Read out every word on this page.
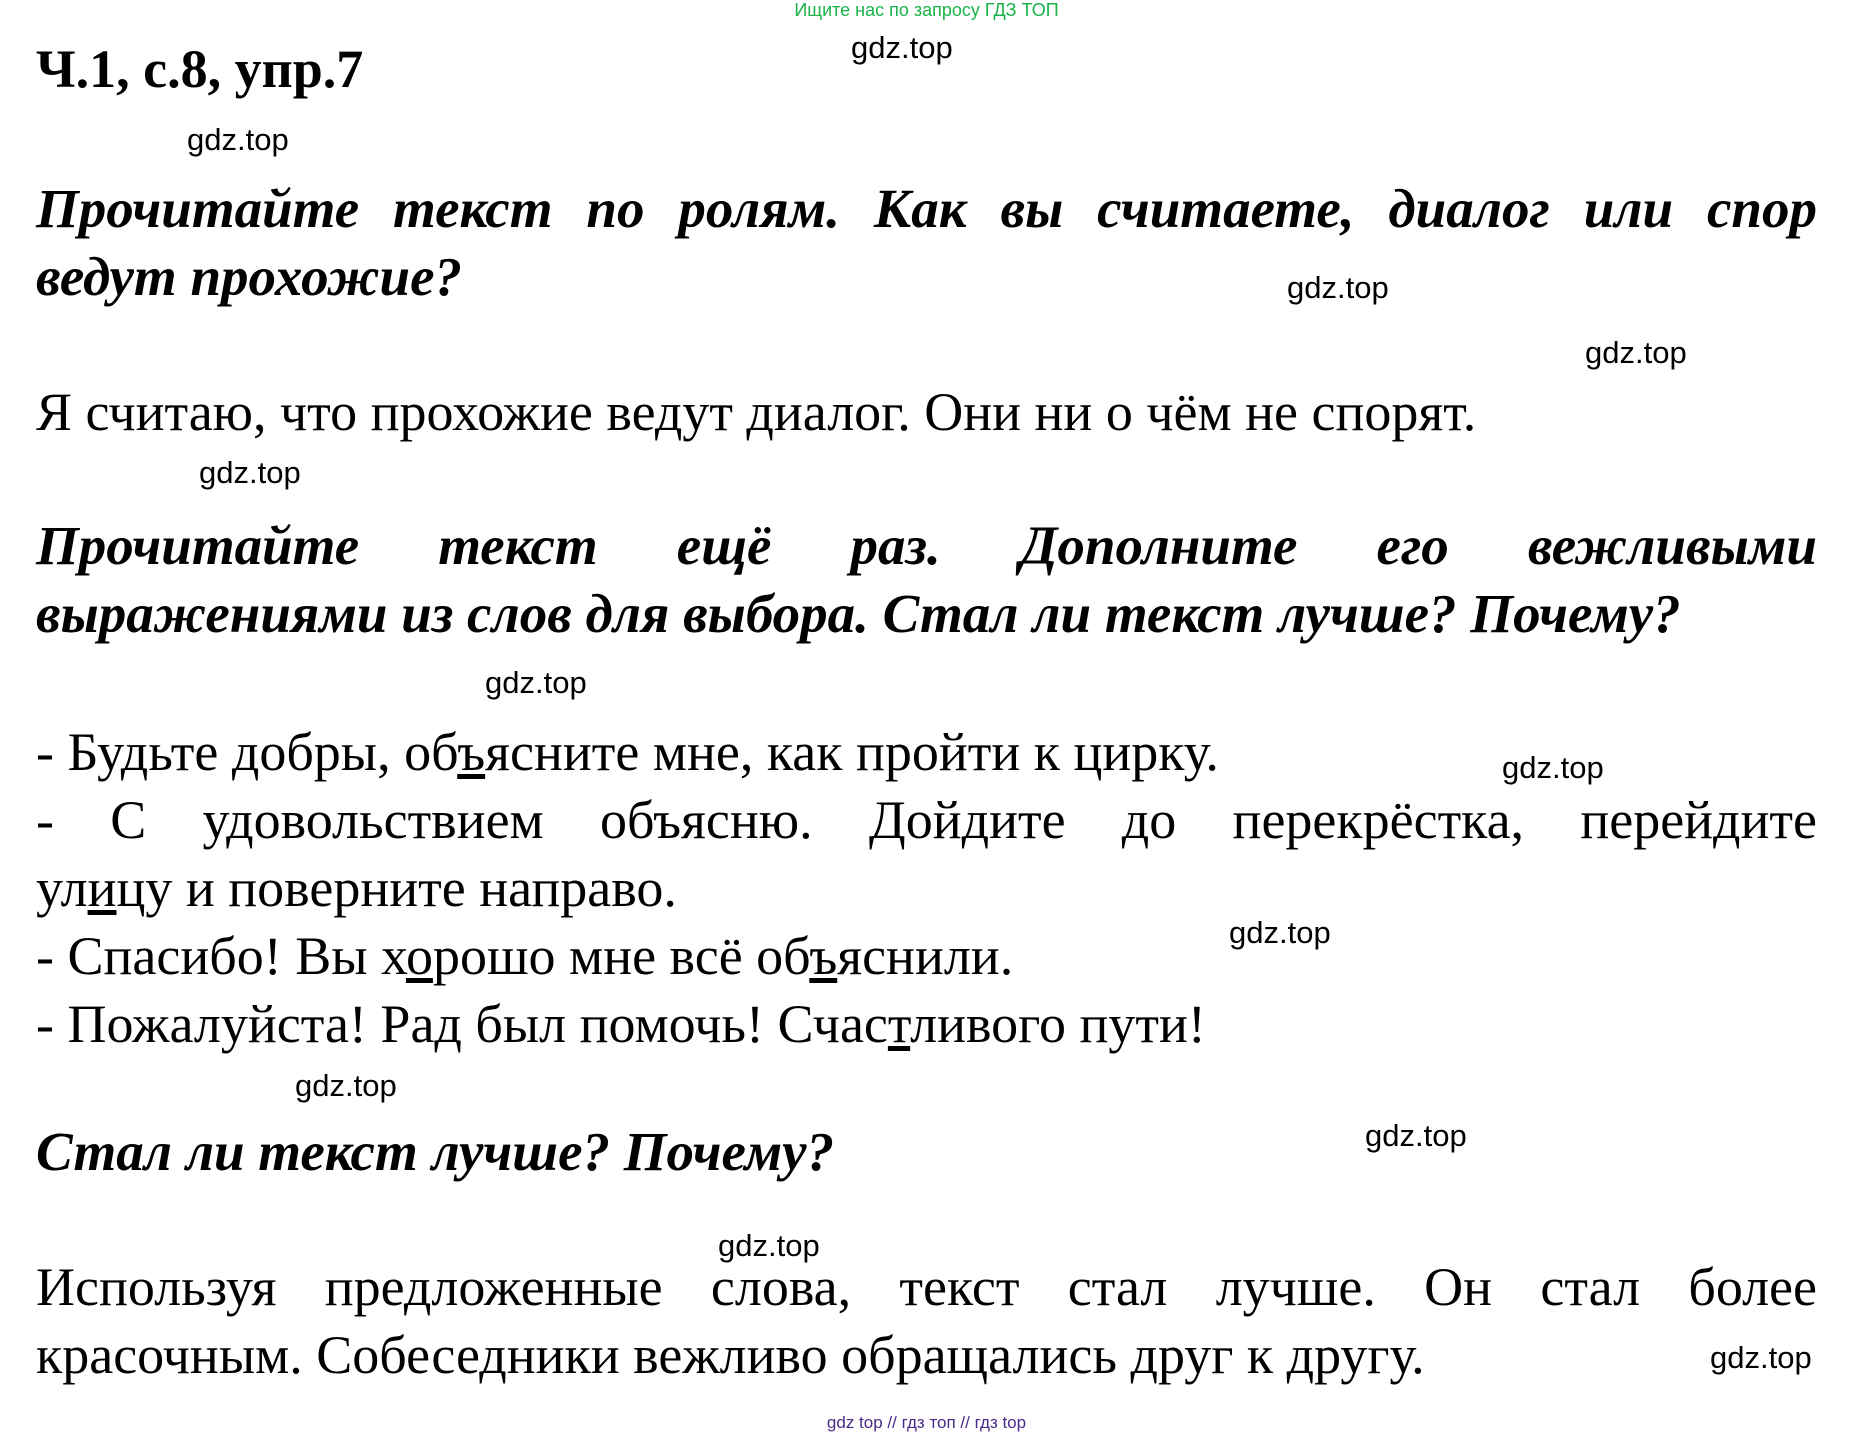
Ищите нас по запросу ГДЗ ТОП
Ч.1, с.8, упр.7	gdz.top
gdz.top
Прочитайте текст по ролям. Как вы считаете, диалог или спор
ведут прохожие?	gdz.top
gdz.top
Я считаю, что прохожие ведут диалог. Они ни о чём не спорят.
gdz.top
Прочитайте текст ещё раз. Дополните его вежливыми
выражениями из слов для выбора. Стал ли текст лучше? Почему?
gdz.top
- Будьте добры, объясните мне, как пройти к цирку.
- С удовольствием объясню. Дойдите до перекрёстка, перейдите
улицу и поверните направо.
- Спасибо! Вы хорошо мне всё объяснили.
- Пожалуйста! Рад был помочь! Счастливого пути!
gdz.top
gdz.top
gdz.top
Стал ли текст лучше? Почему?	gdz.top
gdz.top
Используя предложенные слова, текст стал лучше. Он стал более
красочным. Собеседники вежливо обращались друг к другу.	gdz.top
gdz top // гдз топ // гдз top
